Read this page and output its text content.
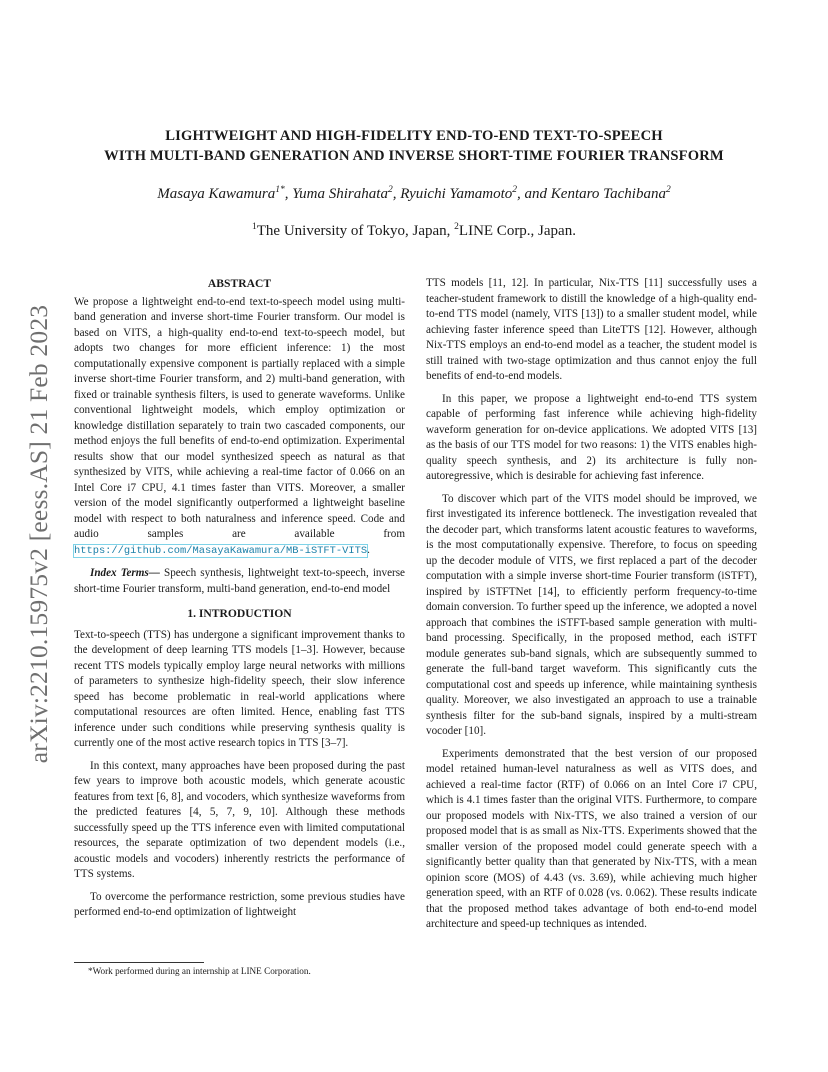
arXiv:2210.15975v2 [eess.AS] 21 Feb 2023
LIGHTWEIGHT AND HIGH-FIDELITY END-TO-END TEXT-TO-SPEECH
WITH MULTI-BAND GENERATION AND INVERSE SHORT-TIME FOURIER TRANSFORM
Masaya Kawamura$^{1*}$, Yuma Shirahata$^2$, Ryuichi Yamamoto$^2$, and Kentaro Tachibana$^2$
$^1$The University of Tokyo, Japan, $^2$LINE Corp., Japan.
ABSTRACT

We propose a lightweight end-to-end text-to-speech model using multi-band generation and inverse short-time Fourier transform. Our model is based on VITS, a high-quality end-to-end text-to-speech model, but adopts two changes for more efficient inference: 1) the most computationally expensive component is partially replaced with a simple inverse short-time Fourier transform, and 2) multi-band generation, with fixed or trainable synthesis filters, is used to generate waveforms. Unlike conventional lightweight models, which employ optimization or knowledge distillation separately to train two cascaded components, our method enjoys the full benefits of end-to-end optimization. Experimental results show that our model synthesized speech as natural as that synthesized by VITS, while achieving a real-time factor of 0.066 on an Intel Core i7 CPU, 4.1 times faster than VITS. Moreover, a smaller version of the model significantly outperformed a lightweight baseline model with respect to both naturalness and inference speed. Code and audio samples are available from https://github.com/MasayaKawamura/MB-iSTFT-VITS.

Index Terms— Speech synthesis, lightweight text-to-speech, inverse short-time Fourier transform, multi-band generation, end-to-end model

1. INTRODUCTION

Text-to-speech (TTS) has undergone a significant improvement thanks to the development of deep learning TTS models [1–3]. However, because recent TTS models typically employ large neural networks with millions of parameters to synthesize high-fidelity speech, their slow inference speed has become problematic in real-world applications where computational resources are often limited. Hence, enabling fast TTS inference under such conditions while preserving synthesis quality is currently one of the most active research topics in TTS [3–7].

In this context, many approaches have been proposed during the past few years to improve both acoustic models, which generate acoustic features from text [6, 8], and vocoders, which synthesize waveforms from the predicted features [4, 5, 7, 9, 10]. Although these methods successfully speed up the TTS inference even with limited computational resources, the separate optimization of two dependent models (i.e., acoustic models and vocoders) inherently restricts the performance of TTS systems.

To overcome the performance restriction, some previous studies have performed end-to-end optimization of lightweight

TTS models [11, 12]. In particular, Nix-TTS [11] successfully uses a teacher-student framework to distill the knowledge of a high-quality end-to-end TTS model (namely, VITS [13]) to a smaller student model, while achieving faster inference speed than LiteTTS [12]. However, although Nix-TTS employs an end-to-end model as a teacher, the student model is still trained with two-stage optimization and thus cannot enjoy the full benefits of end-to-end models.

In this paper, we propose a lightweight end-to-end TTS system capable of performing fast inference while achieving high-fidelity waveform generation for on-device applications. We adopted VITS [13] as the basis of our TTS model for two reasons: 1) the VITS enables high-quality speech synthesis, and 2) its architecture is fully non-autoregressive, which is desirable for achieving fast inference.

To discover which part of the VITS model should be improved, we first investigated its inference bottleneck. The investigation revealed that the decoder part, which transforms latent acoustic features to waveforms, is the most computationally expensive. Therefore, to focus on speeding up the decoder module of VITS, we first replaced a part of the decoder computation with a simple inverse short-time Fourier transform (iSTFT), inspired by iSTFTNet [14], to efficiently perform frequency-to-time domain conversion. To further speed up the inference, we adopted a novel approach that combines the iSTFT-based sample generation with multi-band processing. Specifically, in the proposed method, each iSTFT module generates sub-band signals, which are subsequently summed to generate the full-band target waveform. This significantly cuts the computational cost and speeds up inference, while maintaining synthesis quality. Moreover, we also investigated an approach to use a trainable synthesis filter for the sub-band signals, inspired by a multi-stream vocoder [10].

Experiments demonstrated that the best version of our proposed model retained human-level naturalness as well as VITS does, and achieved a real-time factor (RTF) of 0.066 on an Intel Core i7 CPU, which is 4.1 times faster than the original VITS. Furthermore, to compare our proposed models with Nix-TTS, we also trained a version of our proposed model that is as small as Nix-TTS. Experiments showed that the smaller version of the proposed model could generate speech with a significantly better quality than that generated by Nix-TTS, with a mean opinion score (MOS) of 4.43 (vs. 3.69), while achieving much higher generation speed, with an RTF of 0.028 (vs. 0.062). These results indicate that the proposed method takes advantage of both end-to-end model architecture and speed-up techniques as intended.

*Work performed during an internship at LINE Corporation.
